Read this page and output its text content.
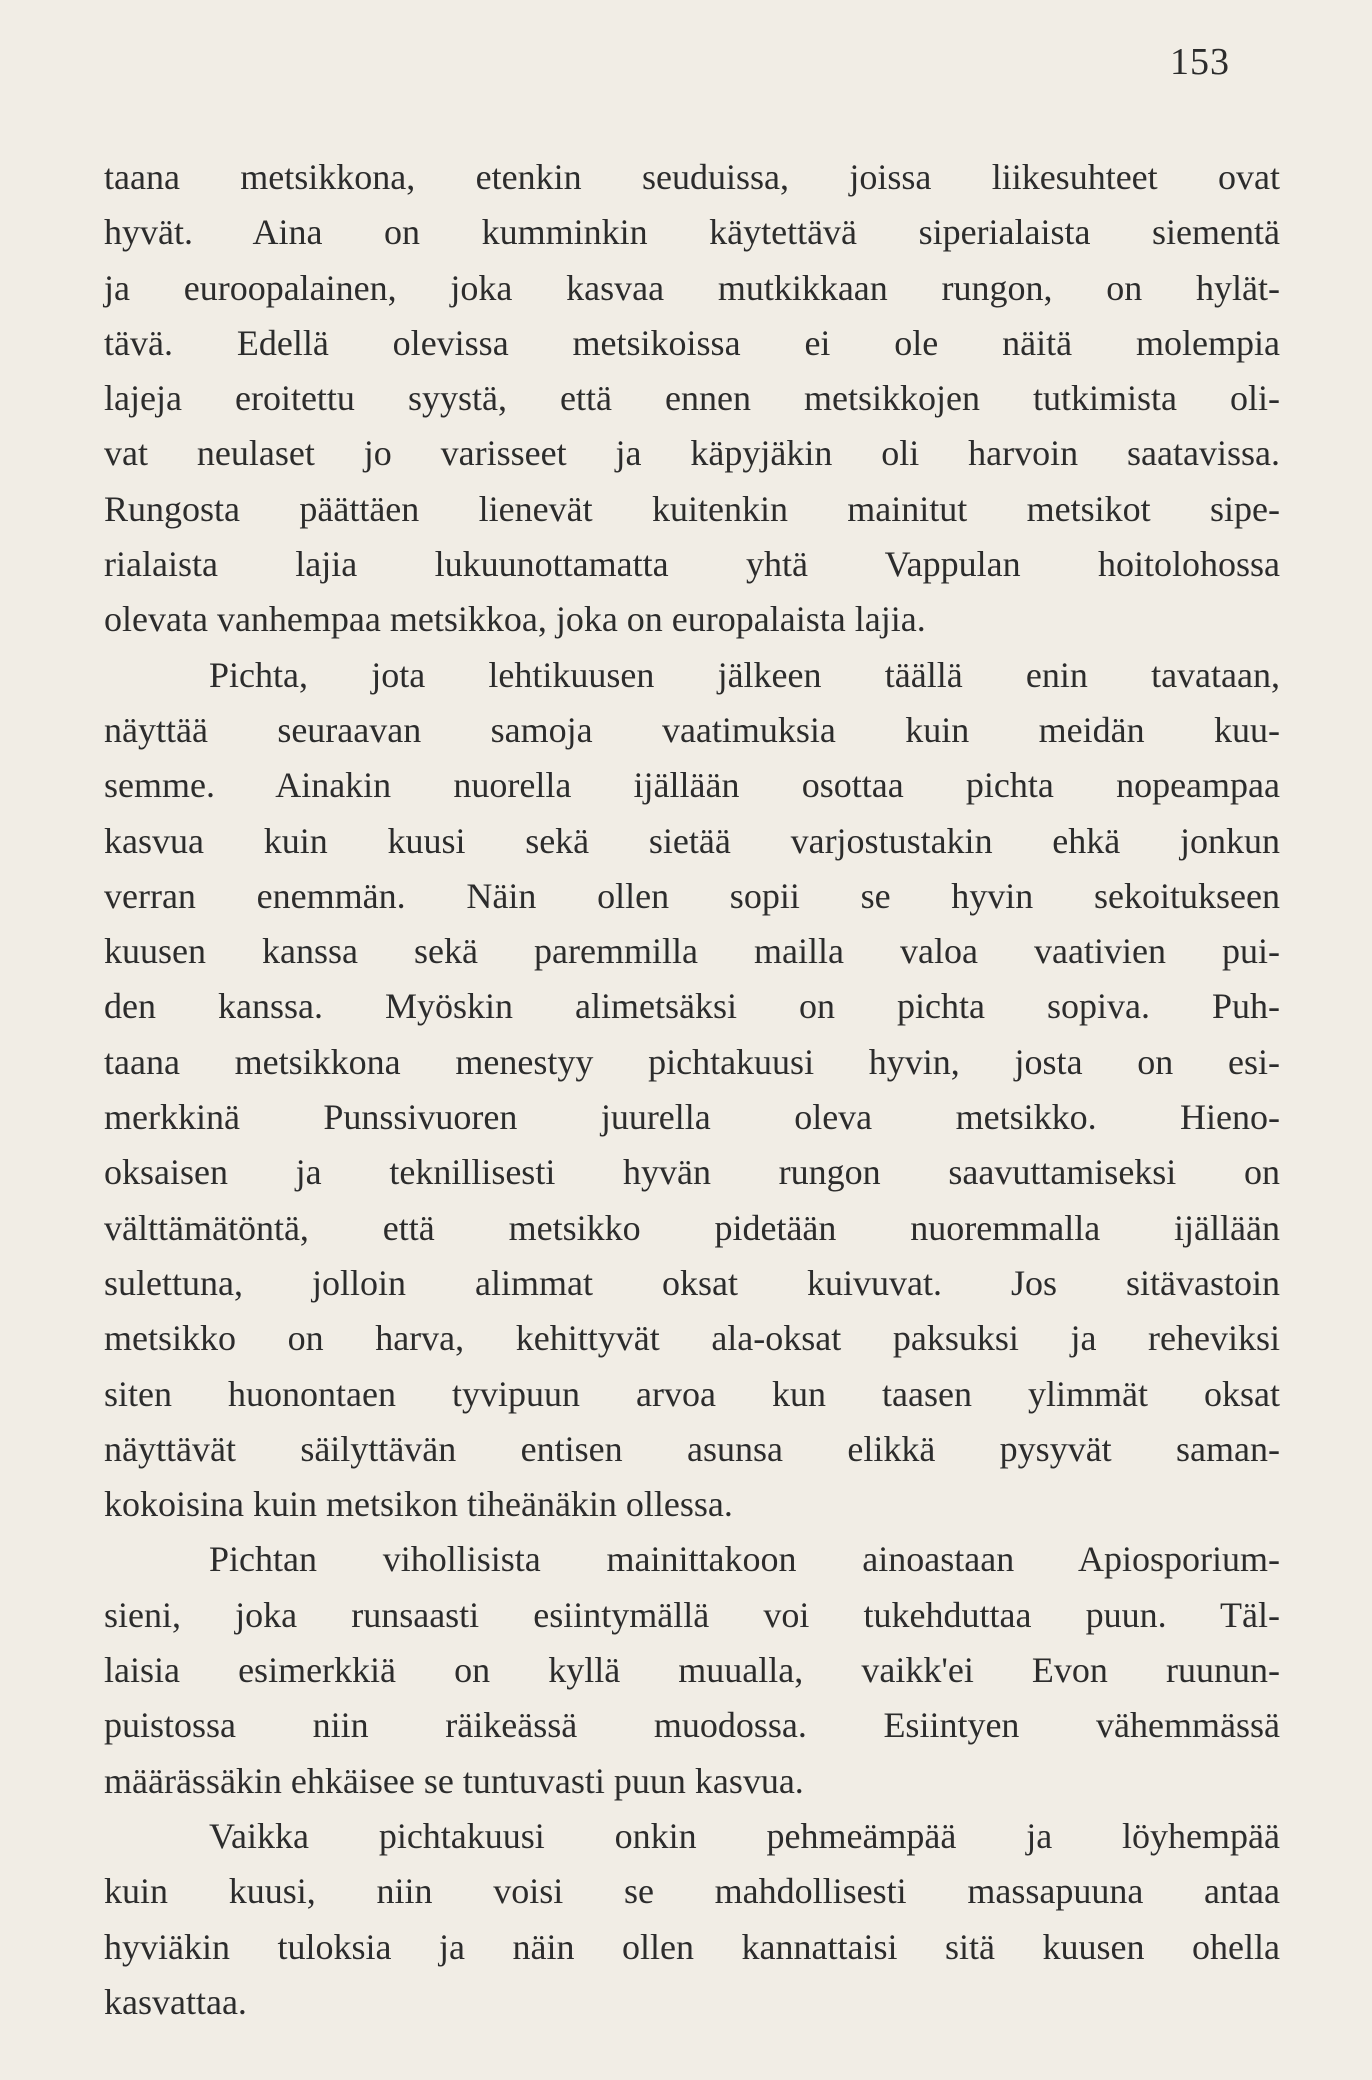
153
taana metsikkona, etenkin seuduissa, joissa liikesuhteet ovat
hyvät. Aina on kumminkin käytettävä siperialaista siementä
ja euroopalainen, joka kasvaa mutkikkaan rungon, on hylät-
tävä. Edellä olevissa metsikoissa ei ole näitä molempia
lajeja eroitettu syystä, että ennen metsikkojen tutkimista oli-
vat neulaset jo varisseet ja käpyjäkin oli harvoin saatavissa.
Rungosta päättäen lienevät kuitenkin mainitut metsikot sipe-
rialaista lajia lukuunottamatta yhtä Vappulan hoitolohossa
olevata vanhempaa metsikkoa, joka on europalaista lajia.
Pichta, jota lehtikuusen jälkeen täällä enin tavataan,
näyttää seuraavan samoja vaatimuksia kuin meidän kuu-
semme. Ainakin nuorella ijällään osottaa pichta nopeampaa
kasvua kuin kuusi sekä sietää varjostustakin ehkä jonkun
verran enemmän. Näin ollen sopii se hyvin sekoitukseen
kuusen kanssa sekä paremmilla mailla valoa vaativien pui-
den kanssa. Myöskin alimetsäksi on pichta sopiva. Puh-
taana metsikkona menestyy pichtakuusi hyvin, josta on esi-
merkkinä Punssivuoren juurella oleva metsikko. Hieno-
oksaisen ja teknillisesti hyvän rungon saavuttamiseksi on
välttämätöntä, että metsikko pidetään nuoremmalla ijällään
sulettuna, jolloin alimmat oksat kuivuvat. Jos sitävastoin
metsikko on harva, kehittyvät ala-oksat paksuksi ja reheviksi
siten huonontaen tyvipuun arvoa kun taasen ylimmät oksat
näyttävät säilyttävän entisen asunsa elikkä pysyvät saman-
kokoisina kuin metsikon tiheänäkin ollessa.
Pichtan vihollisista mainittakoon ainoastaan Apiosporium-
sieni, joka runsaasti esiintymällä voi tukehduttaa puun. Täl-
laisia esimerkkiä on kyllä muualla, vaikk'ei Evon ruunun-
puistossa niin räikeässä muodossa. Esiintyen vähemmässä
määrässäkin ehkäisee se tuntuvasti puun kasvua.
Vaikka pichtakuusi onkin pehmeämpää ja löyhempää
kuin kuusi, niin voisi se mahdollisesti massapuuna antaa
hyviäkin tuloksia ja näin ollen kannattaisi sitä kuusen ohella
kasvattaa.
